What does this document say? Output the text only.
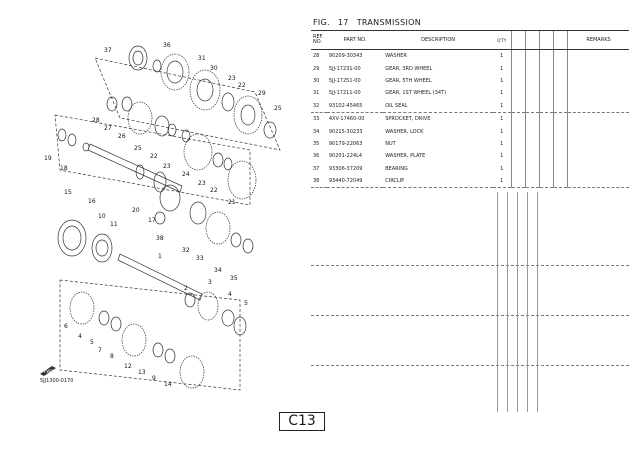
37
36
31
30
23
22
29
25
28
27
26
25
22
23
19
18
24
23
22
21
15
16
20
17
38
10
11
32
33
34
35
1
2
3
4
5
6
4
5
7
8
12
13
9
14
FWD
5JJ1300-0170
FIG. 17 TRANSMISSION
REF. NO.	PART NO.	DESCRIPTION	Q'TY					REMARKS
28	90209-30343	WASHER	1					
29	5JJ-17231-00	GEAR, 3RD WHEEL	1					
30	5JJ-17251-00	GEAR, 5TH WHEEL	1					
31	5JJ-17211-00	GEAR, 1ST WHEEL (34T)	1					
32	93102-45465	OIL SEAL	1					
33	4XV-17460-00	SPROCKET, DRIVE	1					
34	90215-30233	WASHER, LOCK	1					
35	90179-22063	NUT	1					
36	90201-224L4	WASHER, PLATE	1					
37	93306-37209	BEARING	1					
38	93440-72049	CIRCLIP	1					
C13
